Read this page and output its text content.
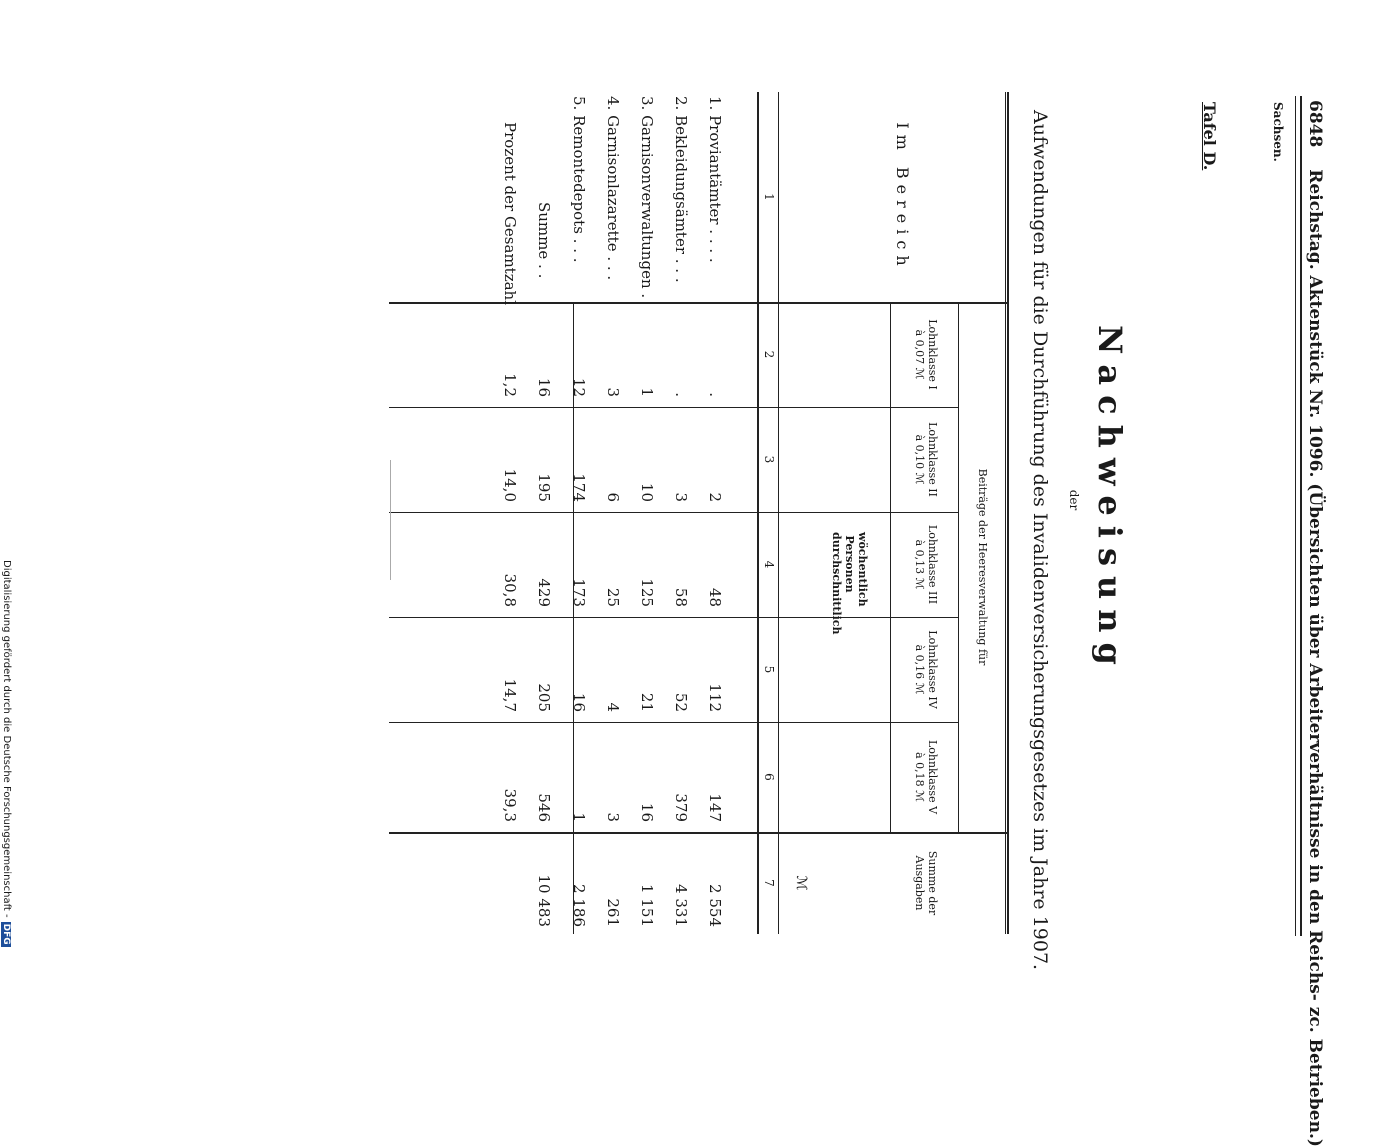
6848 Reichstag. Aktenstück Nr. 1096. (Übersichten über Arbeiterverhältnisse in den Reichs- zc. Betrieben.)
Sachsen.
Tafel D.
Nachweisung
der
Aufwendungen für die Durchführung des Invalidenversicherungsgesetzes im Jahre 1907.
Im Bereich
Beiträge der Heeresverwaltung für
Lohnklasse I
à 0,07 ℳ
Lohnklasse II
à 0,10 ℳ
Lohnklasse III
à 0,13 ℳ
Lohnklasse IV
à 0,16 ℳ
Lohnklasse V
à 0,18 ℳ
wöchentlich Personen durchschnittlich
Summe der Ausgaben
ℳ
1
2
3
4
5
6
7
1. Proviantämter . . . .
2. Bekleidungsämter . . .
3. Garnisonverwaltungen .
4. Garnisonlazarette . . .
5. Remontedepots . . .
Summe . .
Prozent der Gesamtzahl
.
2
48
112
147
2 554
.
3
58
52
379
4 331
1
10
125
21
16
1 151
3
6
25
4
3
261
12
174
173
16
1
2 186
16
195
429
205
546
10 483
1,2
14,0
30,8
14,7
39,3
Digitalisierung gefördert durch die Deutsche Forschungsgemeinschaft -DFG
